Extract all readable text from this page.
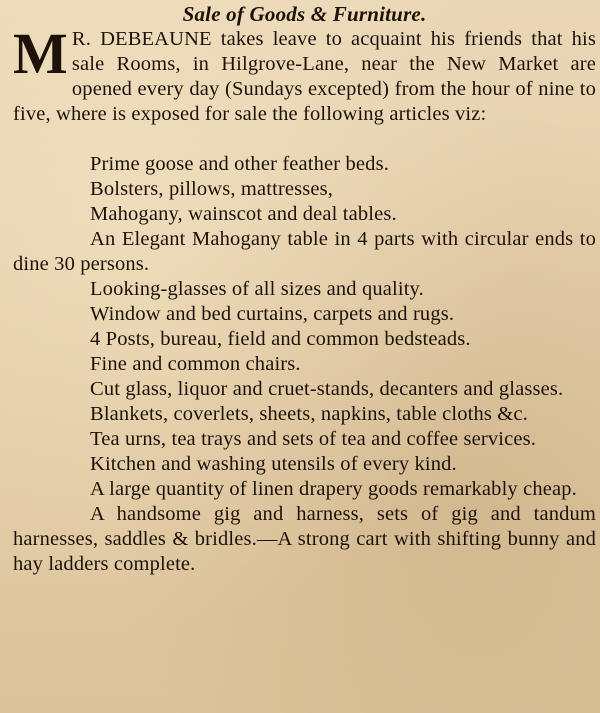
Sale of Goods & Furniture.

M R. DEBEAUNE takes leave to acquaint his friends that his sale Rooms, in Hilgrove-Lane, near the New Market are opened every day (Sundays excepted) from the hour of nine to five, where is exposed for sale the following articles viz:

Prime goose and other feather beds.

Bolsters, pillows, mattresses,

Mahogany, wainscot and deal tables.

An Elegant Mahogany table in 4 parts with circular ends to dine 30 persons.

Looking-glasses of all sizes and quality.

Window and bed curtains, carpets and rugs.

4 Posts, bureau, field and common bedsteads.

Fine and common chairs.

Cut glass, liquor and cruet-stands, decanters and glasses.

Blankets, coverlets, sheets, napkins, table cloths &c.

Tea urns, tea trays and sets of tea and coffee services.

Kitchen and washing utensils of every kind.

A large quantity of linen drapery goods remarkably cheap.

A handsome gig and harness, sets of gig and tandum harnesses, saddles & bridles.—A strong cart with shifting bunny and hay ladders complete.
